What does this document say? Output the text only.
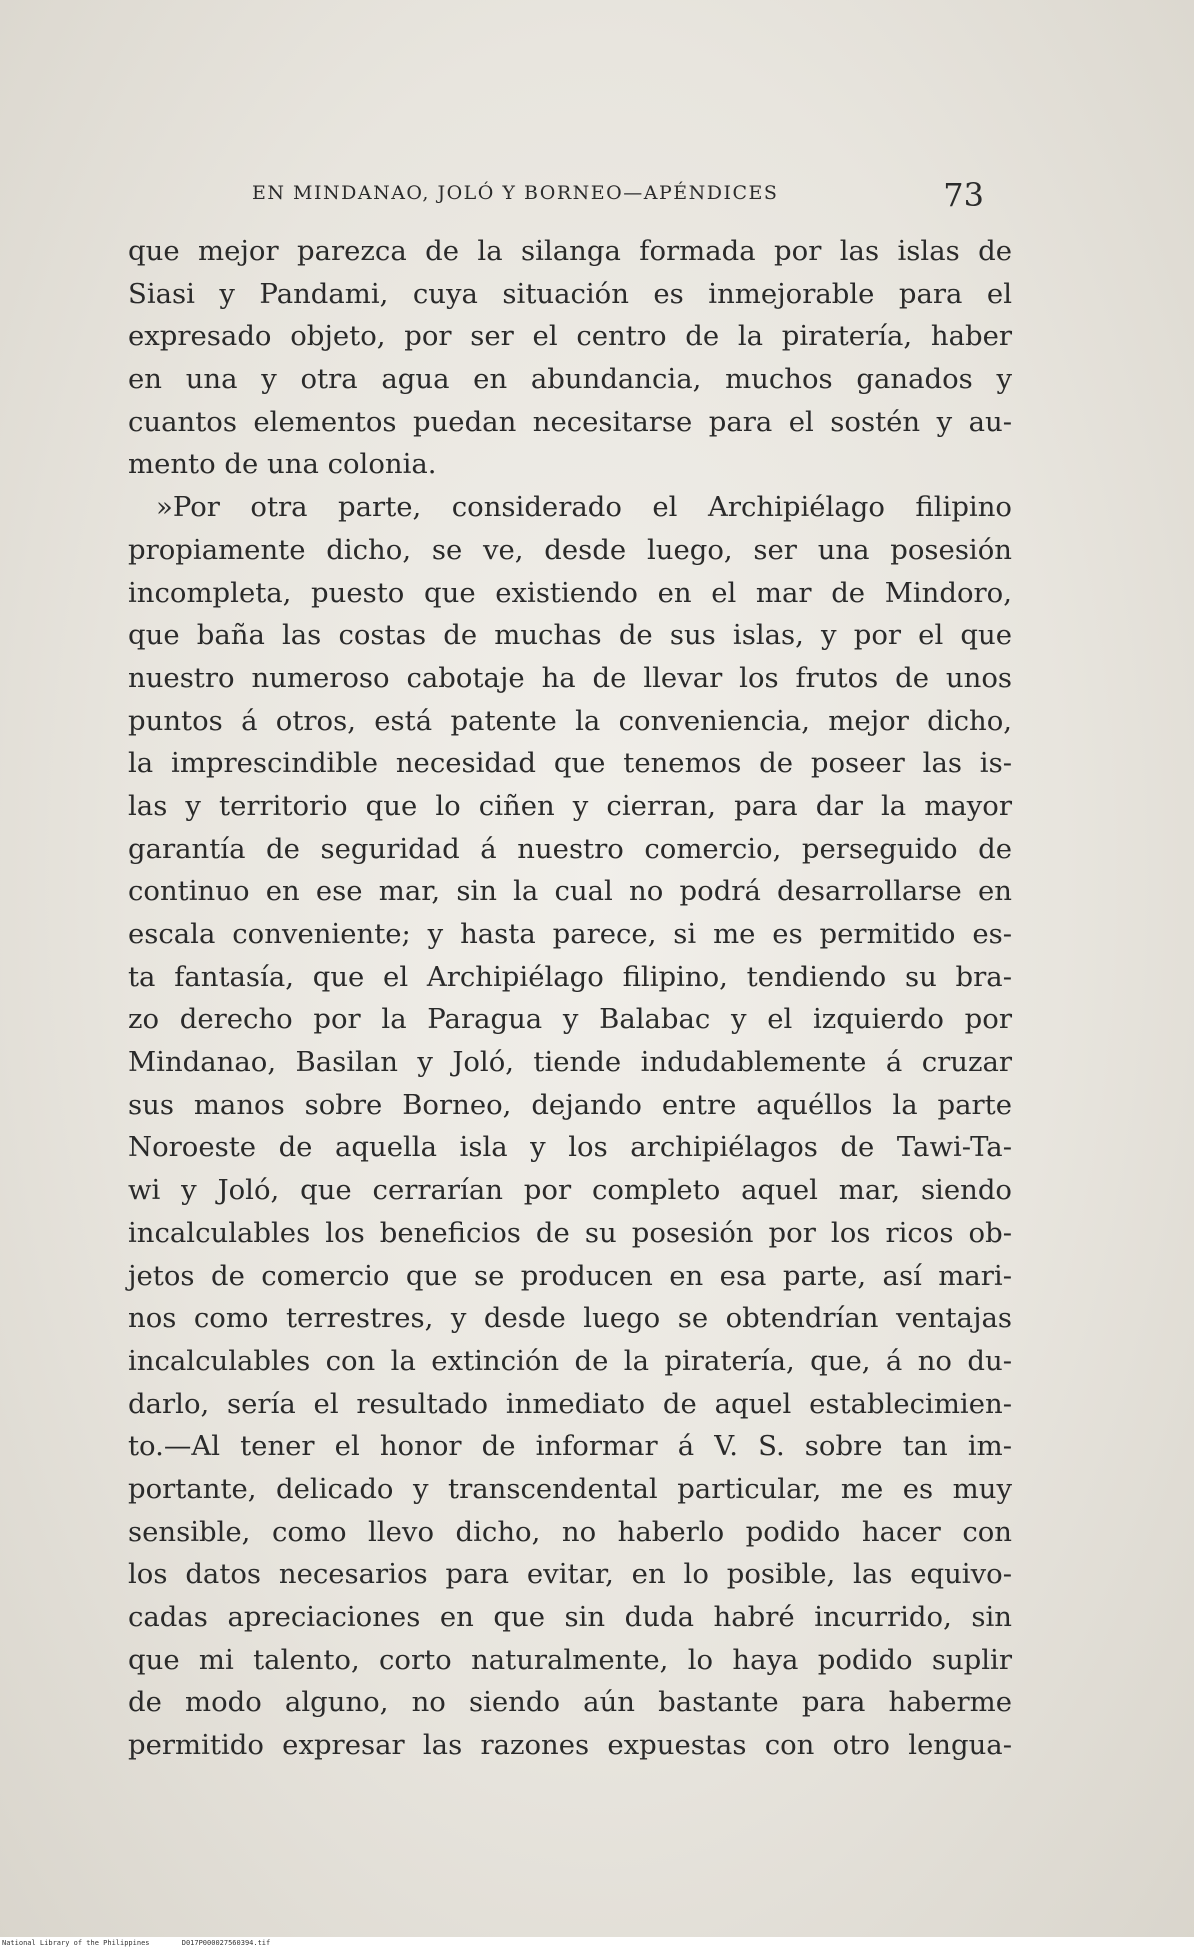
EN MINDANAO, JOLÓ Y BORNEO—APÉNDICES	73
que mejor parezca de la silanga formada por las islas de
Siasi y Pandami, cuya situación es inmejorable para el
expresado objeto, por ser el centro de la piratería, haber
en una y otra agua en abundancia, muchos ganados y
cuantos elementos puedan necesitarse para el sostén y au-
mento de una colonia.
»Por otra parte, considerado el Archipiélago filipino
propiamente dicho, se ve, desde luego, ser una posesión
incompleta, puesto que existiendo en el mar de Mindoro,
que baña las costas de muchas de sus islas, y por el que
nuestro numeroso cabotaje ha de llevar los frutos de unos
puntos á otros, está patente la conveniencia, mejor dicho,
la imprescindible necesidad que tenemos de poseer las is-
las y territorio que lo ciñen y cierran, para dar la mayor
garantía de seguridad á nuestro comercio, perseguido de
continuo en ese mar, sin la cual no podrá desarrollarse en
escala conveniente; y hasta parece, si me es permitido es-
ta fantasía, que el Archipiélago filipino, tendiendo su bra-
zo derecho por la Paragua y Balabac y el izquierdo por
Mindanao, Basilan y Joló, tiende indudablemente á cruzar
sus manos sobre Borneo, dejando entre aquéllos la parte
Noroeste de aquella isla y los archipiélagos de Tawi-Ta-
wi y Joló, que cerrarían por completo aquel mar, siendo
incalculables los beneficios de su posesión por los ricos ob-
jetos de comercio que se producen en esa parte, así mari-
nos como terrestres, y desde luego se obtendrían ventajas
incalculables con la extinción de la piratería, que, á no du-
darlo, sería el resultado inmediato de aquel establecimien-
to.—Al tener el honor de informar á V. S. sobre tan im-
portante, delicado y transcendental particular, me es muy
sensible, como llevo dicho, no haberlo podido hacer con
los datos necesarios para evitar, en lo posible, las equivo-
cadas apreciaciones en que sin duda habré incurrido, sin
que mi talento, corto naturalmente, lo haya podido suplir
de modo alguno, no siendo aún bastante para haberme
permitido expresar las razones expuestas con otro lengua-
National Library of the Philippines	D017P000027560394.tif
